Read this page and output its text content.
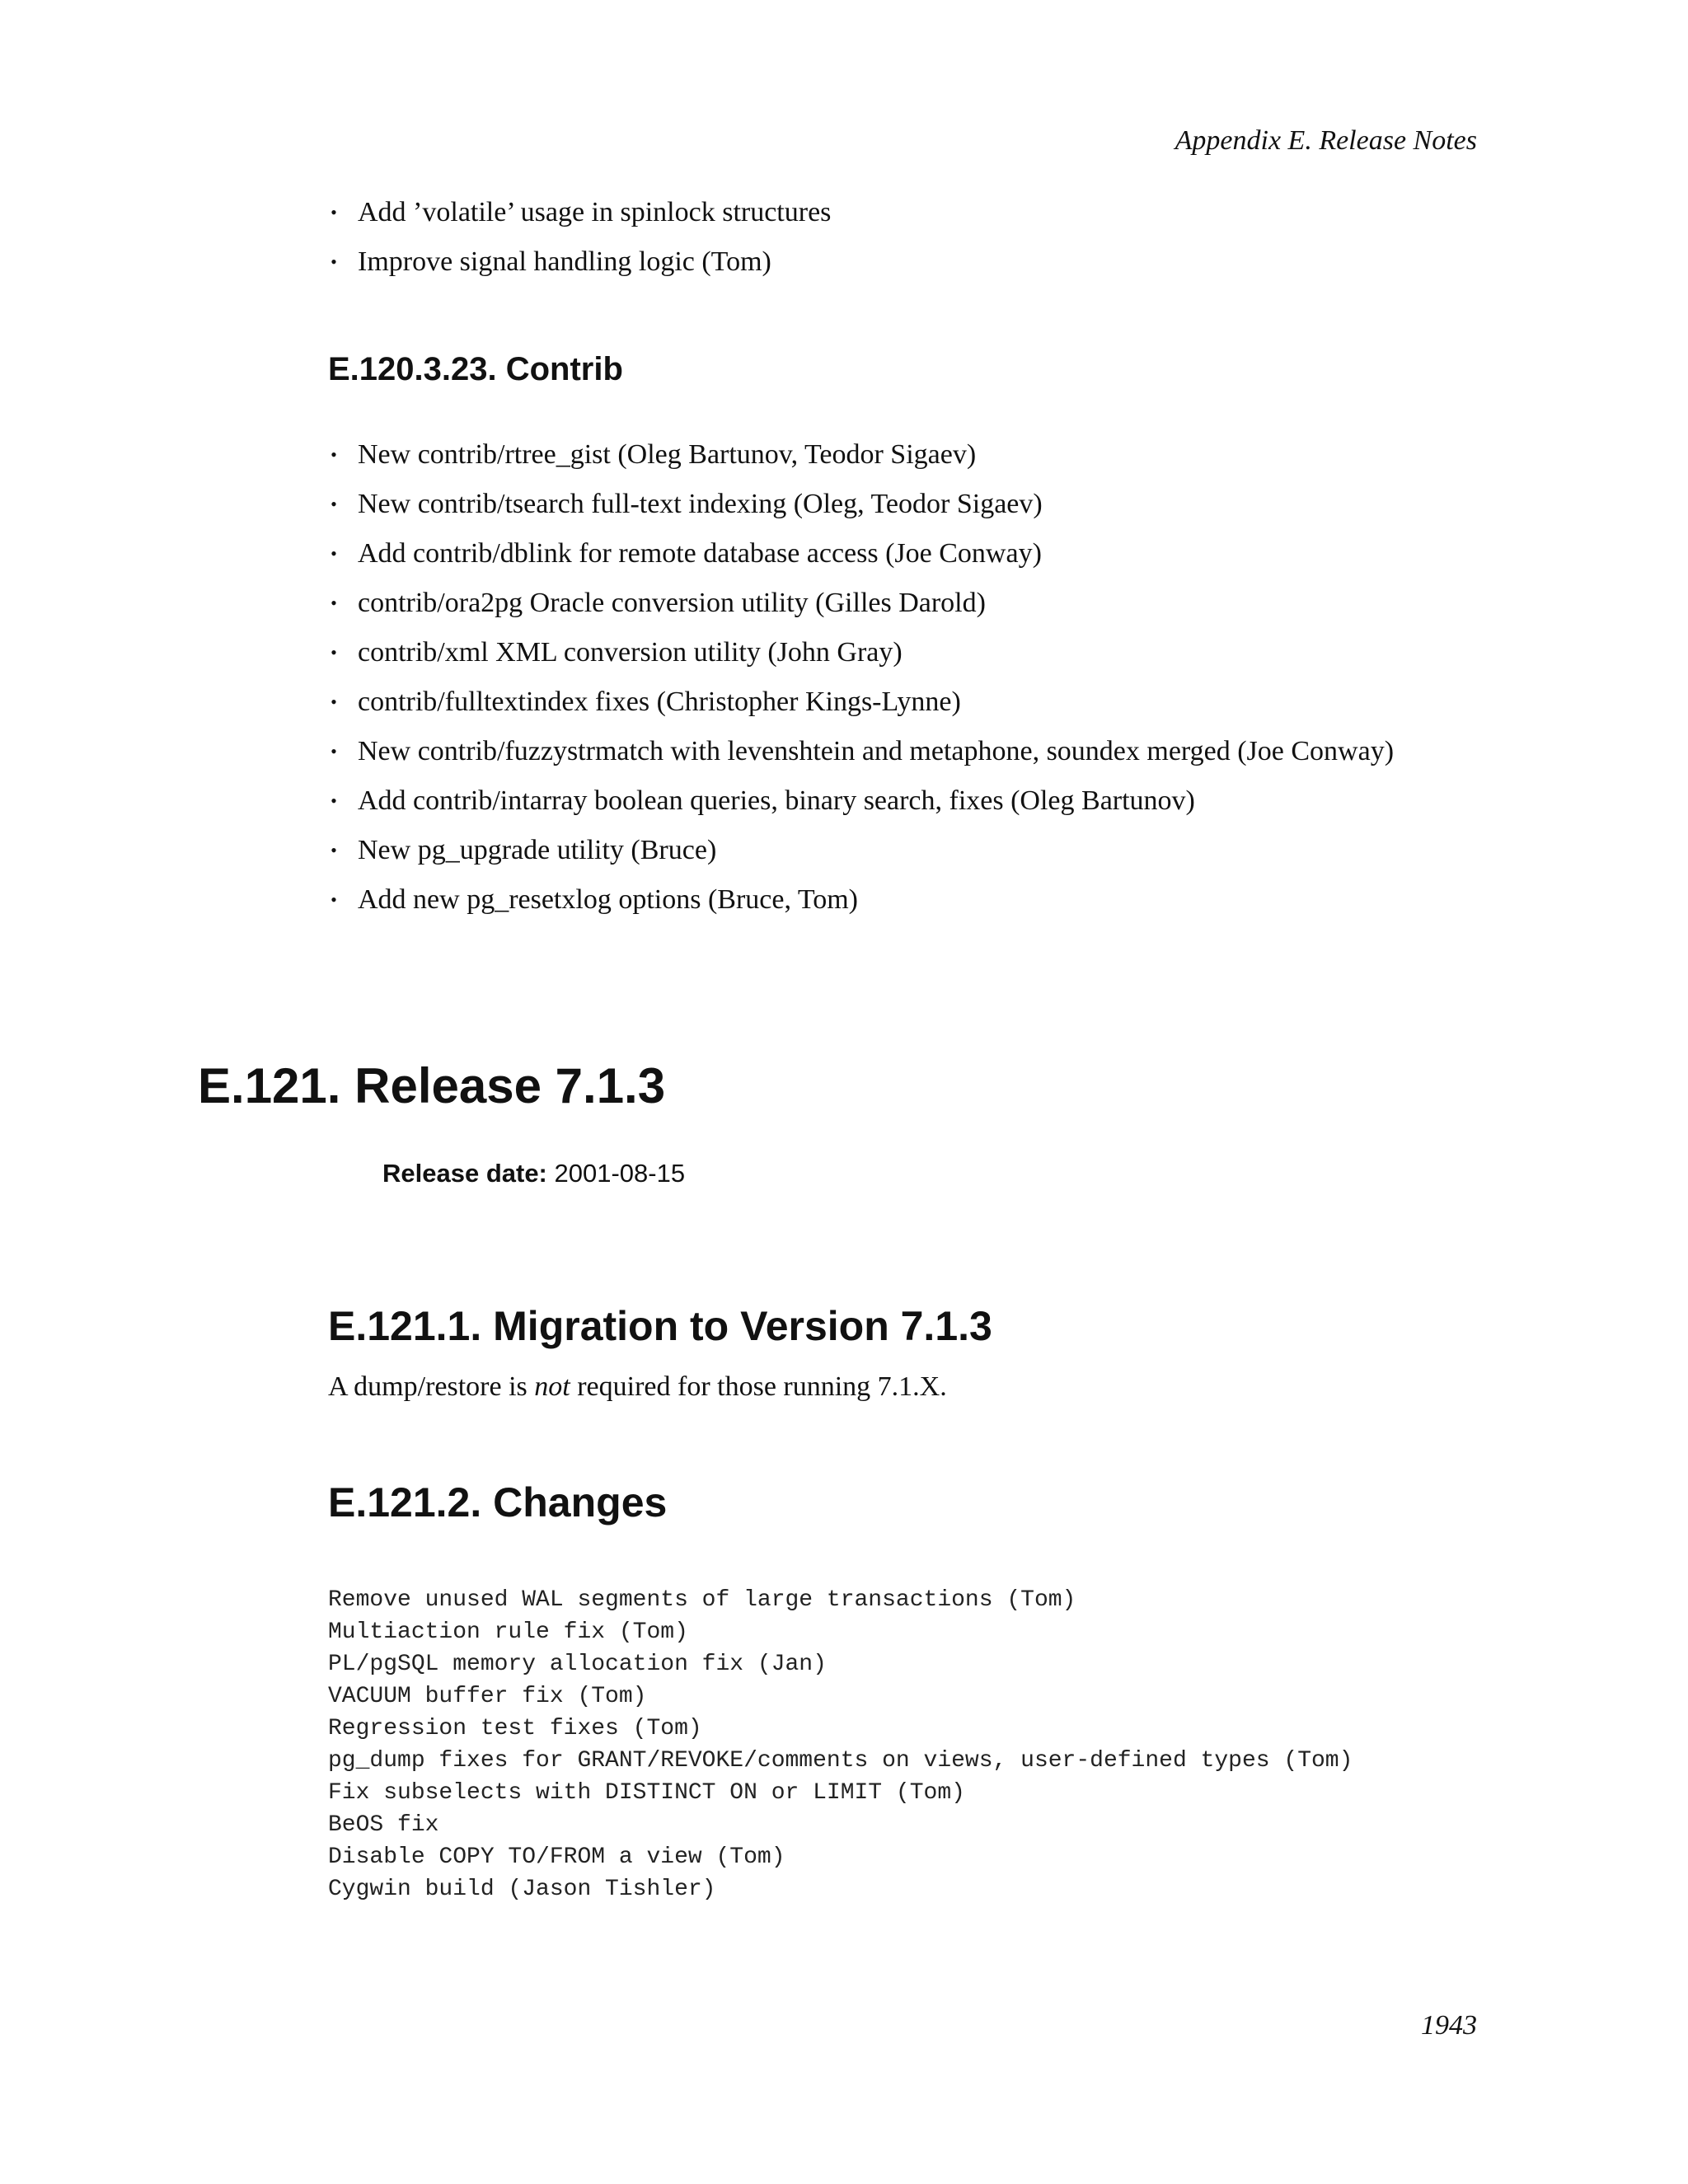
Appendix E. Release Notes
• Add ’volatile’ usage in spinlock structures
• Improve signal handling logic (Tom)
E.120.3.23. Contrib
• New contrib/rtree_gist (Oleg Bartunov, Teodor Sigaev)
• New contrib/tsearch full-text indexing (Oleg, Teodor Sigaev)
• Add contrib/dblink for remote database access (Joe Conway)
• contrib/ora2pg Oracle conversion utility (Gilles Darold)
• contrib/xml XML conversion utility (John Gray)
• contrib/fulltextindex fixes (Christopher Kings-Lynne)
• New contrib/fuzzystrmatch with levenshtein and metaphone, soundex merged (Joe Conway)
• Add contrib/intarray boolean queries, binary search, fixes (Oleg Bartunov)
• New pg_upgrade utility (Bruce)
• Add new pg_resetxlog options (Bruce, Tom)
E.121. Release 7.1.3
Release date: 2001-08-15
E.121.1. Migration to Version 7.1.3

A dump/restore is not required for those running 7.1.X.

E.121.2. Changes
Remove unused WAL segments of large transactions (Tom)
Multiaction rule fix (Tom)
PL/pgSQL memory allocation fix (Jan)
VACUUM buffer fix (Tom)
Regression test fixes (Tom)
pg_dump fixes for GRANT/REVOKE/comments on views, user-defined types (Tom)
Fix subselects with DISTINCT ON or LIMIT (Tom)
BeOS fix
Disable COPY TO/FROM a view (Tom)
Cygwin build (Jason Tishler)
1943
